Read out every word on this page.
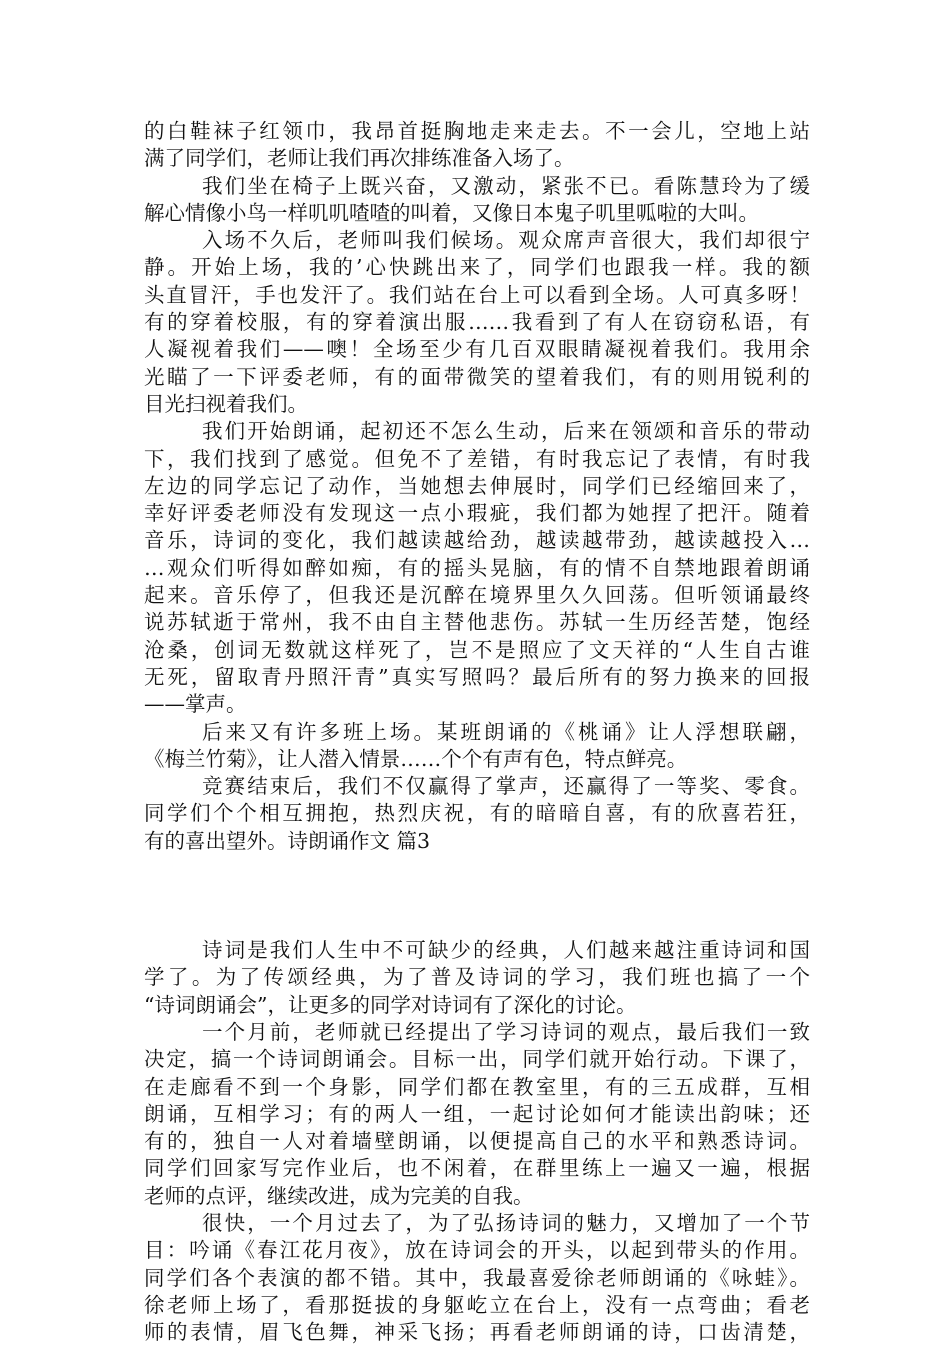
的白鞋袜子红领巾，我昂首挺胸地走来走去。不一会儿，空地上站
满了同学们，老师让我们再次排练准备入场了。
我们坐在椅子上既兴奋，又激动，紧张不已。看陈慧玲为了缓
解心情像小鸟一样叽叽喳喳的叫着，又像日本鬼子叽里呱啦的大叫。
入场不久后，老师叫我们候场。观众席声音很大，我们却很宁
静。开始上场，我的’心快跳出来了，同学们也跟我一样。我的额
头直冒汗，手也发汗了。我们站在台上可以看到全场。人可真多呀！
有的穿着校服，有的穿着演出服……我看到了有人在窃窃私语，有
人凝视着我们——噢！全场至少有几百双眼睛凝视着我们。我用余
光瞄了一下评委老师，有的面带微笑的望着我们，有的则用锐利的
目光扫视着我们。
我们开始朗诵，起初还不怎么生动，后来在领颂和音乐的带动
下，我们找到了感觉。但免不了差错，有时我忘记了表情，有时我
左边的同学忘记了动作，当她想去伸展时，同学们已经缩回来了，
幸好评委老师没有发现这一点小瑕疵，我们都为她捏了把汗。随着
音乐，诗词的变化，我们越读越给劲，越读越带劲，越读越投入…
…观众们听得如醉如痴，有的摇头晃脑，有的情不自禁地跟着朗诵
起来。音乐停了，但我还是沉醉在境界里久久回荡。但听领诵最终
说苏轼逝于常州，我不由自主替他悲伤。苏轼一生历经苦楚，饱经
沧桑，创词无数就这样死了，岂不是照应了文天祥的“人生自古谁
无死，留取青丹照汗青”真实写照吗？最后所有的努力换来的回报
——掌声。
后来又有许多班上场。某班朗诵的《桃诵》让人浮想联翩，
《梅兰竹菊》，让人潜入情景……个个有声有色，特点鲜亮。
竞赛结束后，我们不仅赢得了掌声，还赢得了一等奖、零食。
同学们个个相互拥抱，热烈庆祝，有的暗暗自喜，有的欣喜若狂，
有的喜出望外。诗朗诵作文 篇3
诗词是我们人生中不可缺少的经典，人们越来越注重诗词和国
学了。为了传颂经典，为了普及诗词的学习，我们班也搞了一个
“诗词朗诵会”，让更多的同学对诗词有了深化的讨论。
一个月前，老师就已经提出了学习诗词的观点，最后我们一致
决定，搞一个诗词朗诵会。目标一出，同学们就开始行动。下课了，
在走廊看不到一个身影，同学们都在教室里，有的三五成群，互相
朗诵，互相学习；有的两人一组，一起讨论如何才能读出韵味；还
有的，独自一人对着墙壁朗诵，以便提高自己的水平和熟悉诗词。
同学们回家写完作业后，也不闲着，在群里练上一遍又一遍，根据
老师的点评，继续改进，成为完美的自我。
很快，一个月过去了，为了弘扬诗词的魅力，又增加了一个节
目：吟诵《春江花月夜》，放在诗词会的开头，以起到带头的作用。
同学们各个表演的都不错。其中，我最喜爱徐老师朗诵的《咏蛙》。
徐老师上场了，看那挺拔的身躯屹立在台上，没有一点弯曲；看老
师的表情，眉飞色舞，神采飞扬；再看老师朗诵的诗，口齿清楚，
